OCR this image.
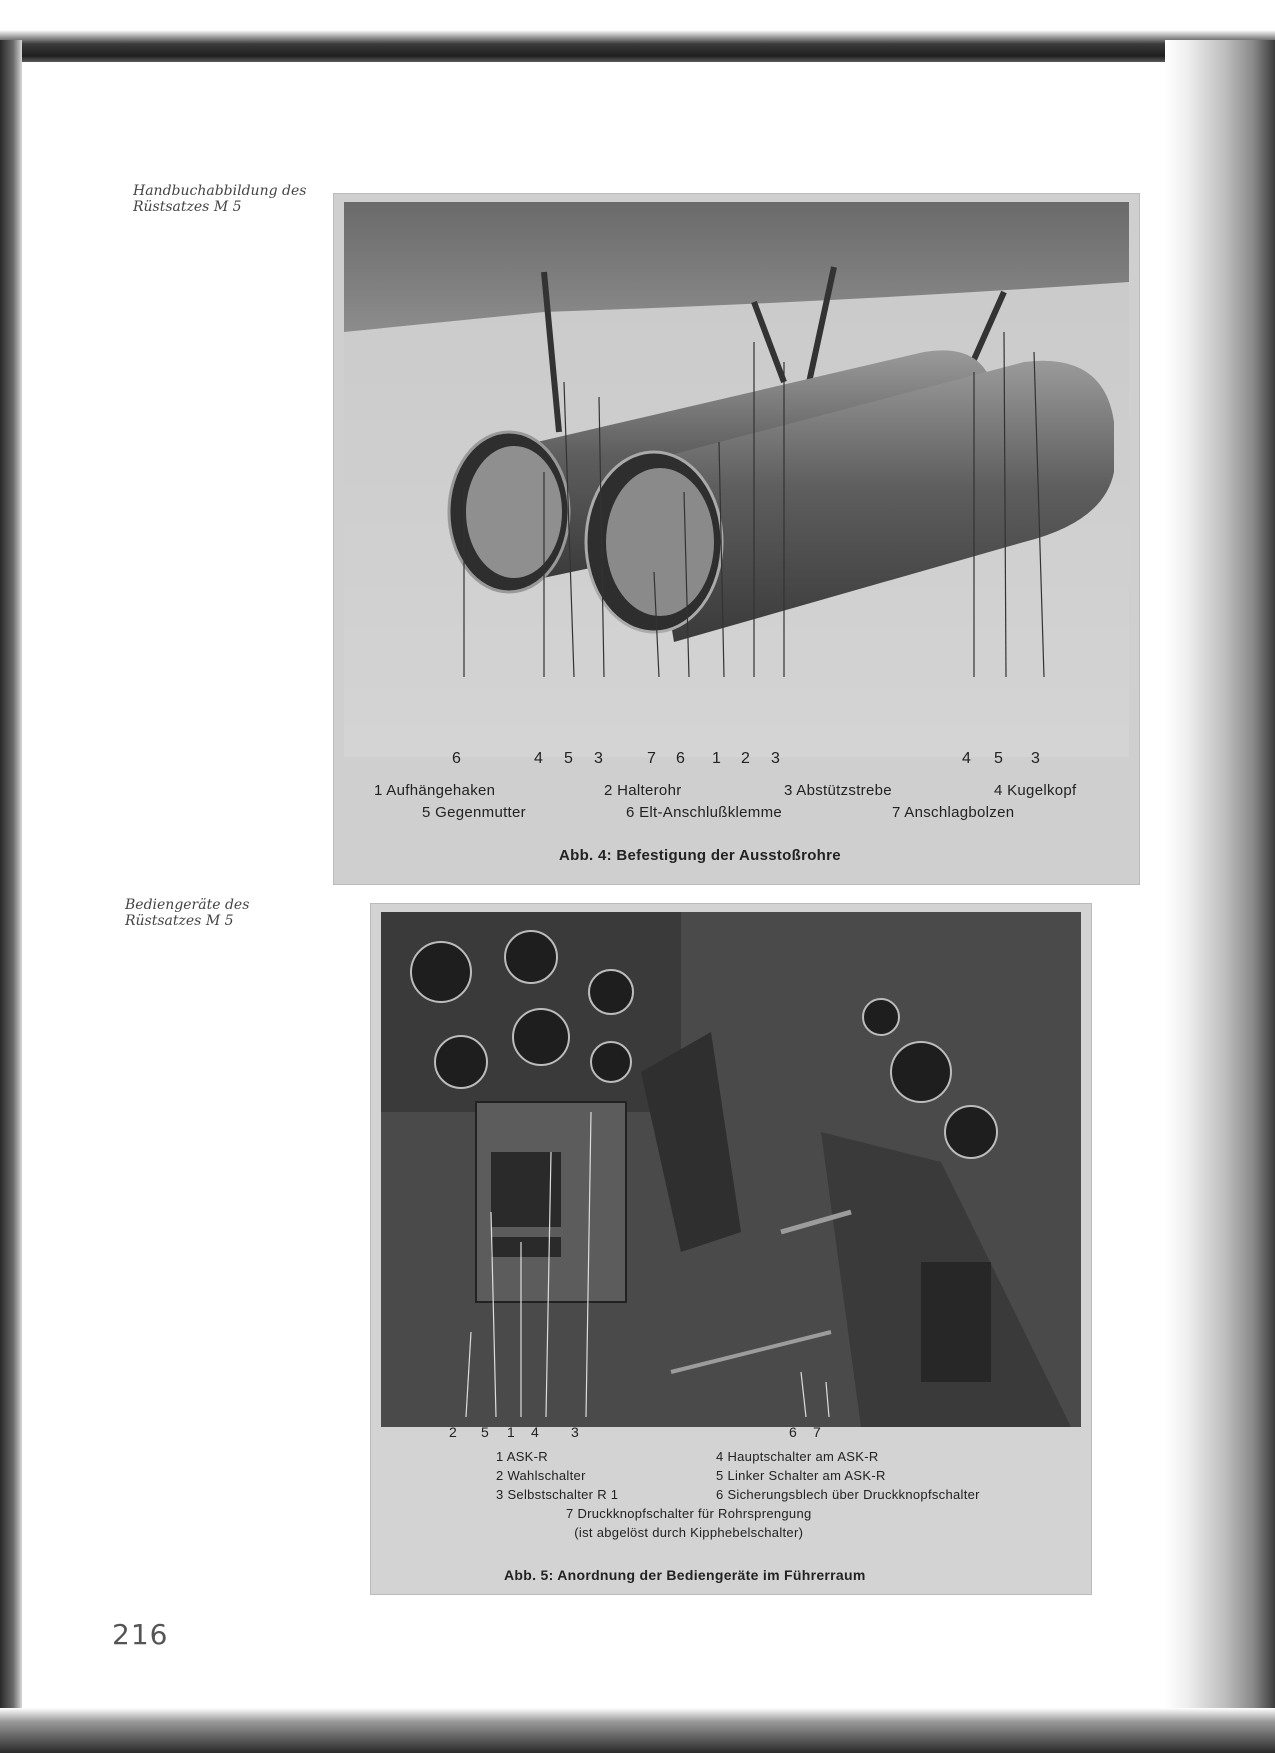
Handbuchabbildung des
Rüstsatzes M 5
6	4 5 3	7 6 1 2 3	4 5 3
1 Aufhängehaken	2 Halterohr	3 Abstützstrebe	4 Kugelkopf
5 Gegenmutter	6 Elt-Anschlußklemme	7 Anschlagbolzen
Abb. 4: Befestigung der Ausstoßrohre
Bediengeräte des
Rüstsatzes M 5
2 5 1 4 3	6 7
1 ASK-R
2 Wahlschalter
3 Selbstschalter R 1
4 Hauptschalter am ASK-R
5 Linker Schalter am ASK-R
6 Sicherungsblech über Druckknopfschalter
7 Druckknopfschalter für Rohrsprengung
(ist abgelöst durch Kipphebelschalter)
Abb. 5: Anordnung der Bediengeräte im Führerraum
216
